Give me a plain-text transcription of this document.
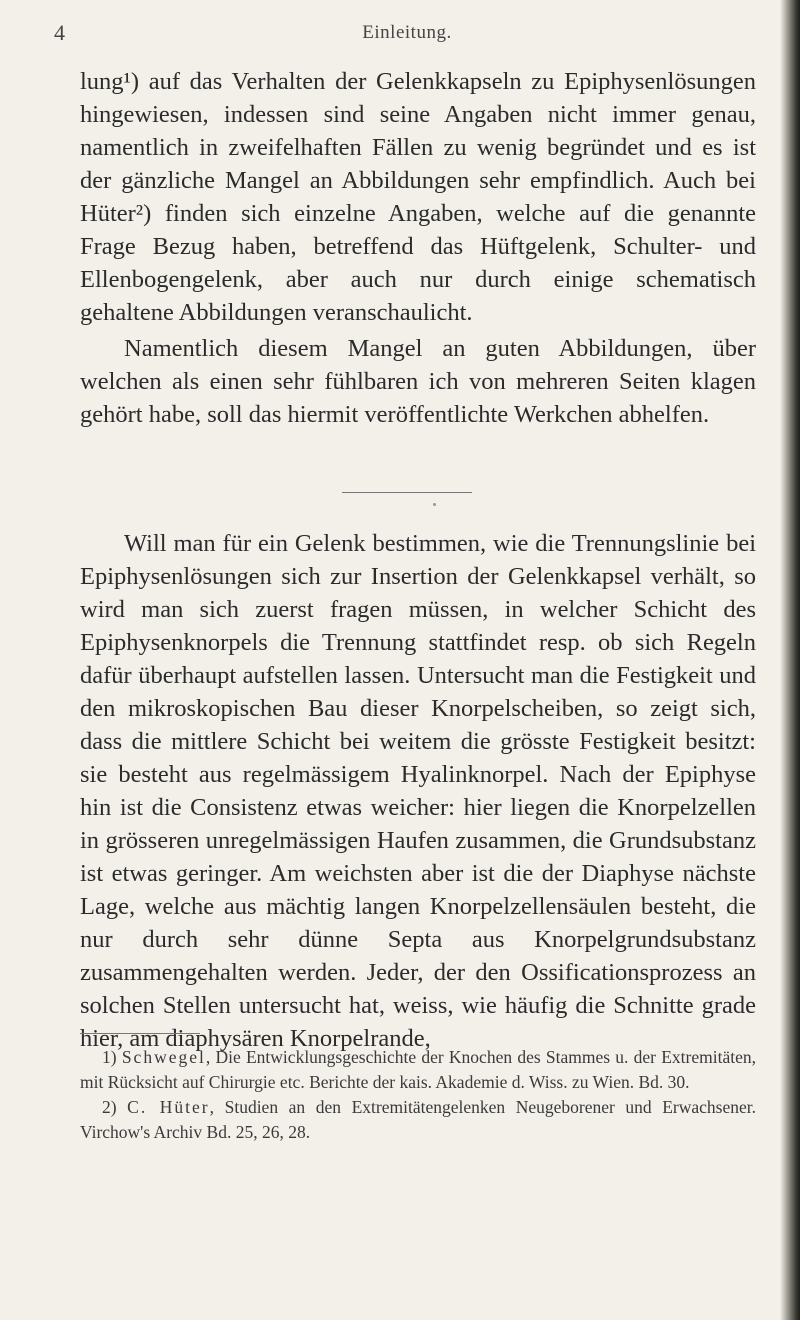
4	Einleitung.

lung¹) auf das Verhalten der Gelenkkapseln zu Epiphysenlösungen hingewiesen, indessen sind seine Angaben nicht immer genau, namentlich in zweifelhaften Fällen zu wenig begründet und es ist der gänzliche Mangel an Abbildungen sehr empfindlich. Auch bei Hüter²) finden sich einzelne Angaben, welche auf die genannte Frage Bezug haben, betreffend das Hüftgelenk, Schulter- und Ellenbogengelenk, aber auch nur durch einige schematisch gehaltene Abbildungen veranschaulicht.

Namentlich diesem Mangel an guten Abbildungen, über welchen als einen sehr fühlbaren ich von mehreren Seiten klagen gehört habe, soll das hiermit veröffentlichte Werkchen abhelfen.

Will man für ein Gelenk bestimmen, wie die Trennungslinie bei Epiphysenlösungen sich zur Insertion der Gelenkkapsel verhält, so wird man sich zuerst fragen müssen, in welcher Schicht des Epiphysenknorpels die Trennung stattfindet resp. ob sich Regeln dafür überhaupt aufstellen lassen. Untersucht man die Festigkeit und den mikroskopischen Bau dieser Knorpelscheiben, so zeigt sich, dass die mittlere Schicht bei weitem die grösste Festigkeit besitzt: sie besteht aus regelmässigem Hyalinknorpel. Nach der Epiphyse hin ist die Consistenz etwas weicher: hier liegen die Knorpelzellen in grösseren unregelmässigen Haufen zusammen, die Grundsubstanz ist etwas geringer. Am weichsten aber ist die der Diaphyse nächste Lage, welche aus mächtig langen Knorpelzellensäulen besteht, die nur durch sehr dünne Septa aus Knorpelgrundsubstanz zusammengehalten werden. Jeder, der den Ossificationsprozess an solchen Stellen untersucht hat, weiss, wie häufig die Schnitte grade hier, am diaphysären Knorpelrande,

1) Schwegel, Die Entwicklungsgeschichte der Knochen des Stammes u. der Extremitäten, mit Rücksicht auf Chirurgie etc. Berichte der kais. Akademie d. Wiss. zu Wien. Bd. 30.

2) C. Hüter, Studien an den Extremitätengelenken Neugeborener und Erwachsener. Virchow's Archiv Bd. 25, 26, 28.
